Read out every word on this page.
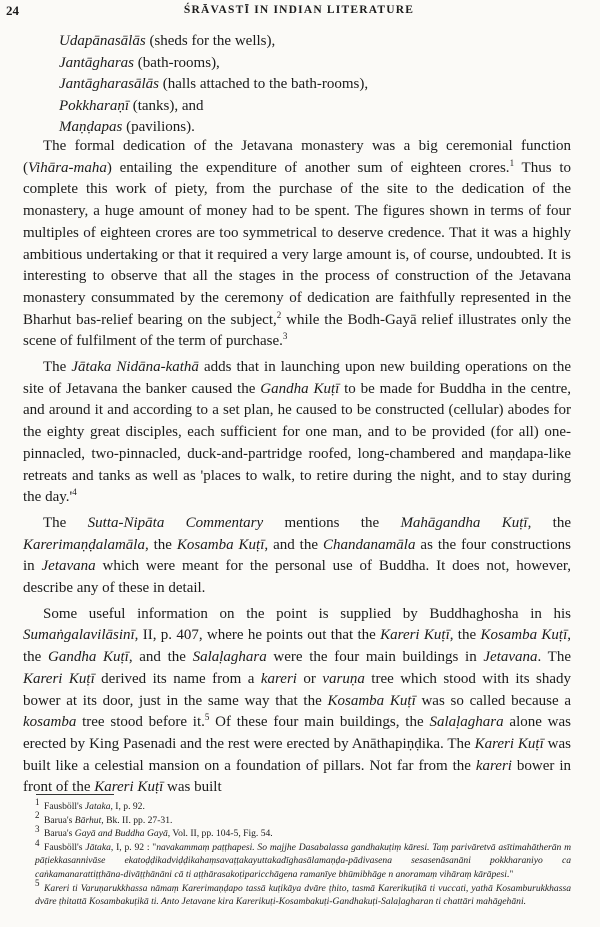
24	ŚRĀVASTĪ IN INDIAN LITERATURE
Udapānasālās (sheds for the wells),
Jantāgharas (bath-rooms),
Jantāgharasālās (halls attached to the bath-rooms),
Pokkharaṇī (tanks), and
Maṇḍapas (pavilions).

The formal dedication of the Jetavana monastery was a big ceremonial function (Vihāra-maha) entailing the expenditure of another sum of eighteen crores.$^1$ Thus to complete this work of piety, from the purchase of the site to the dedication of the monastery, a huge amount of money had to be spent. The figures shown in terms of four multiples of eighteen crores are too symmetrical to deserve credence. That it was a highly ambitious undertaking or that it required a very large amount is, of course, undoubted. It is interesting to observe that all the stages in the process of construction of the Jetavana monastery consummated by the ceremony of dedication are faithfully represented in the Bharhut bas-relief bearing on the subject,$^2$ while the Bodh-Gayā relief illustrates only the scene of fulfilment of the term of purchase.$^3$

The Jātaka Nidāna-kathā adds that in launching upon new building operations on the site of Jetavana the banker caused the Gandha Kuṭī to be made for Buddha in the centre, and around it and according to a set plan, he caused to be constructed (cellular) abodes for the eighty great disciples, each sufficient for one man, and to be provided (for all) one-pinnacled, two-pinnacled, duck-and-partridge roofed, long-chambered and maṇḍapa-like retreats and tanks as well as 'places to walk, to retire during the night, and to stay during the $day.'^4$

The Sutta-Nipāta Commentary mentions the Mahāgandha Kuṭī, the Karerimaṇḍalamāla, the Kosamba Kuṭī, and the Chandanamāla as the four constructions in Jetavana which were meant for the personal use of Buddha. It does not, however, describe any of these in detail.

Some useful information on the point is supplied by Buddhaghosha in his Sumaṅgalavilāsinī, II, p. 407, where he points out that the Kareri Kuṭī, the Kosamba Kuṭī, the Gandha Kuṭī, and the Salaḷaghara were the four main buildings in Jetavana. The Kareri Kuṭī derived its name from a kareri or varuṇa tree which stood with its shady bower at its door, just in the same way that the Kosamba Kuṭī was so called because a kosamba tree stood before it.$^5$ Of these four main buildings, the Salaḷaghara alone was erected by King Pasenadi and the rest were erected by Anāthapiṇḍika. The Kareri Kuṭī was built like a celestial mansion on a foundation of pillars. Not far from the kareri bower in front of the Kareri Kuṭī was built

$^1$ Fausböll's Jataka, I, p. 92.
$^2$ Barua's Bārhut, Bk. II. pp. 27-31.
$^3$ Barua's Gayā and Buddha Gayā, Vol. II, pp. 104-5, Fig. 54.
$^4$ Fausböll's Jātaka, I, p. 92 : "navakammaṃ paṭṭhapesi. So majjhe Dasabalassa gandhakuṭiṃ kāresi. Taṃ parivāretvā asītimahātherān m pāṭiekkasannivāse ekatoḍḍikadviḍḍikahaṃsavaṭṭakayuttakadīghasālamaṇḍa-pādivasena sesasenāsanāni pokkharaniyo ca caṅkamanarattiṭṭhāna-divāṭṭhānāni cā ti aṭṭhārasakoṭiparicchāgena ramanīye bhūmibhāge n anoramaṃ vihāraṃ kārāpesi."
$^5$ Kareri ti Varuṇarukkhassa nāmaṃ Karerimaṇḍapo tassā kuṭikāya dvāre ṭhito, tasmā Karerikuṭikā ti vuccati, yathā Kosamburukkhassa dvāre ṭhitattā Kosambakuṭikā ti. Anto Jetavane kira Karerikuṭi-Kosambakuṭi-Gandhakuṭi-Salaḷagharan ti chattāri mahāgehāni.
